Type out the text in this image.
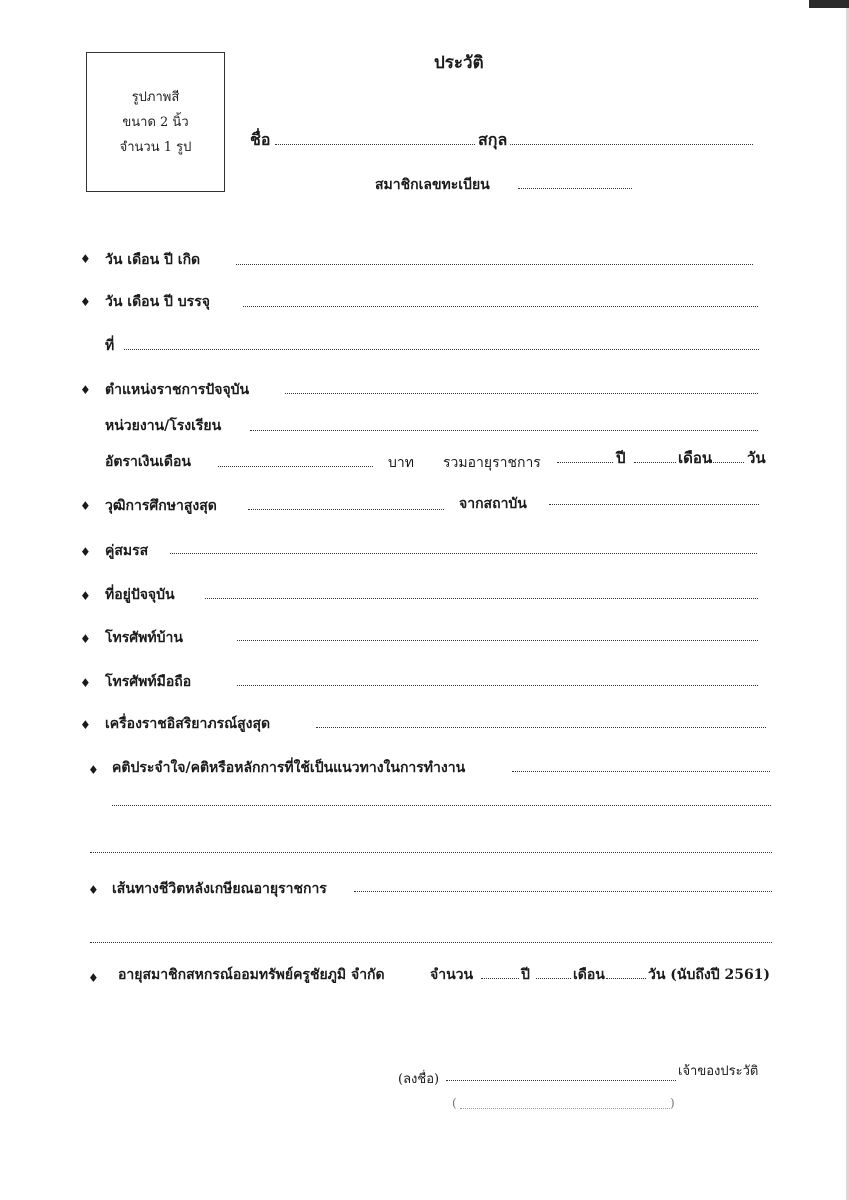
รูปภาพสี
ขนาด 2 นิ้ว
จำนวน 1 รูป
ประวัติ
ชื่อ	สกุล
สมาชิกเลขทะเบียน
♦ วัน เดือน ปี เกิด
♦ วัน เดือน ปี บรรจุ
ที่
♦ ตำแหน่งราชการปัจจุบัน
หน่วยงาน/โรงเรียน
อัตราเงินเดือน	บาท รวมอายุราชการ	ปี	เดือน วัน
♦ วุฒิการศึกษาสูงสุด	จากสถาบัน
♦ คู่สมรส
♦ ที่อยู่ปัจจุบัน
♦ โทรศัพท์บ้าน
♦ โทรศัพท์มือถือ
♦ เครื่องราชอิสริยาภรณ์สูงสุด
♦ คติประจำใจ/คติหรือหลักการที่ใช้เป็นแนวทางในการทำงาน
♦ เส้นทางชีวิตหลังเกษียณอายุราชการ
♦ อายุสมาชิกสหกรณ์ออมทรัพย์ครูชัยภูมิ จำกัด	จำนวน	ปี	เดือน	วัน (นับถึงปี 2561)
(ลงชื่อ)
เจ้าของประวัติ
(	)
